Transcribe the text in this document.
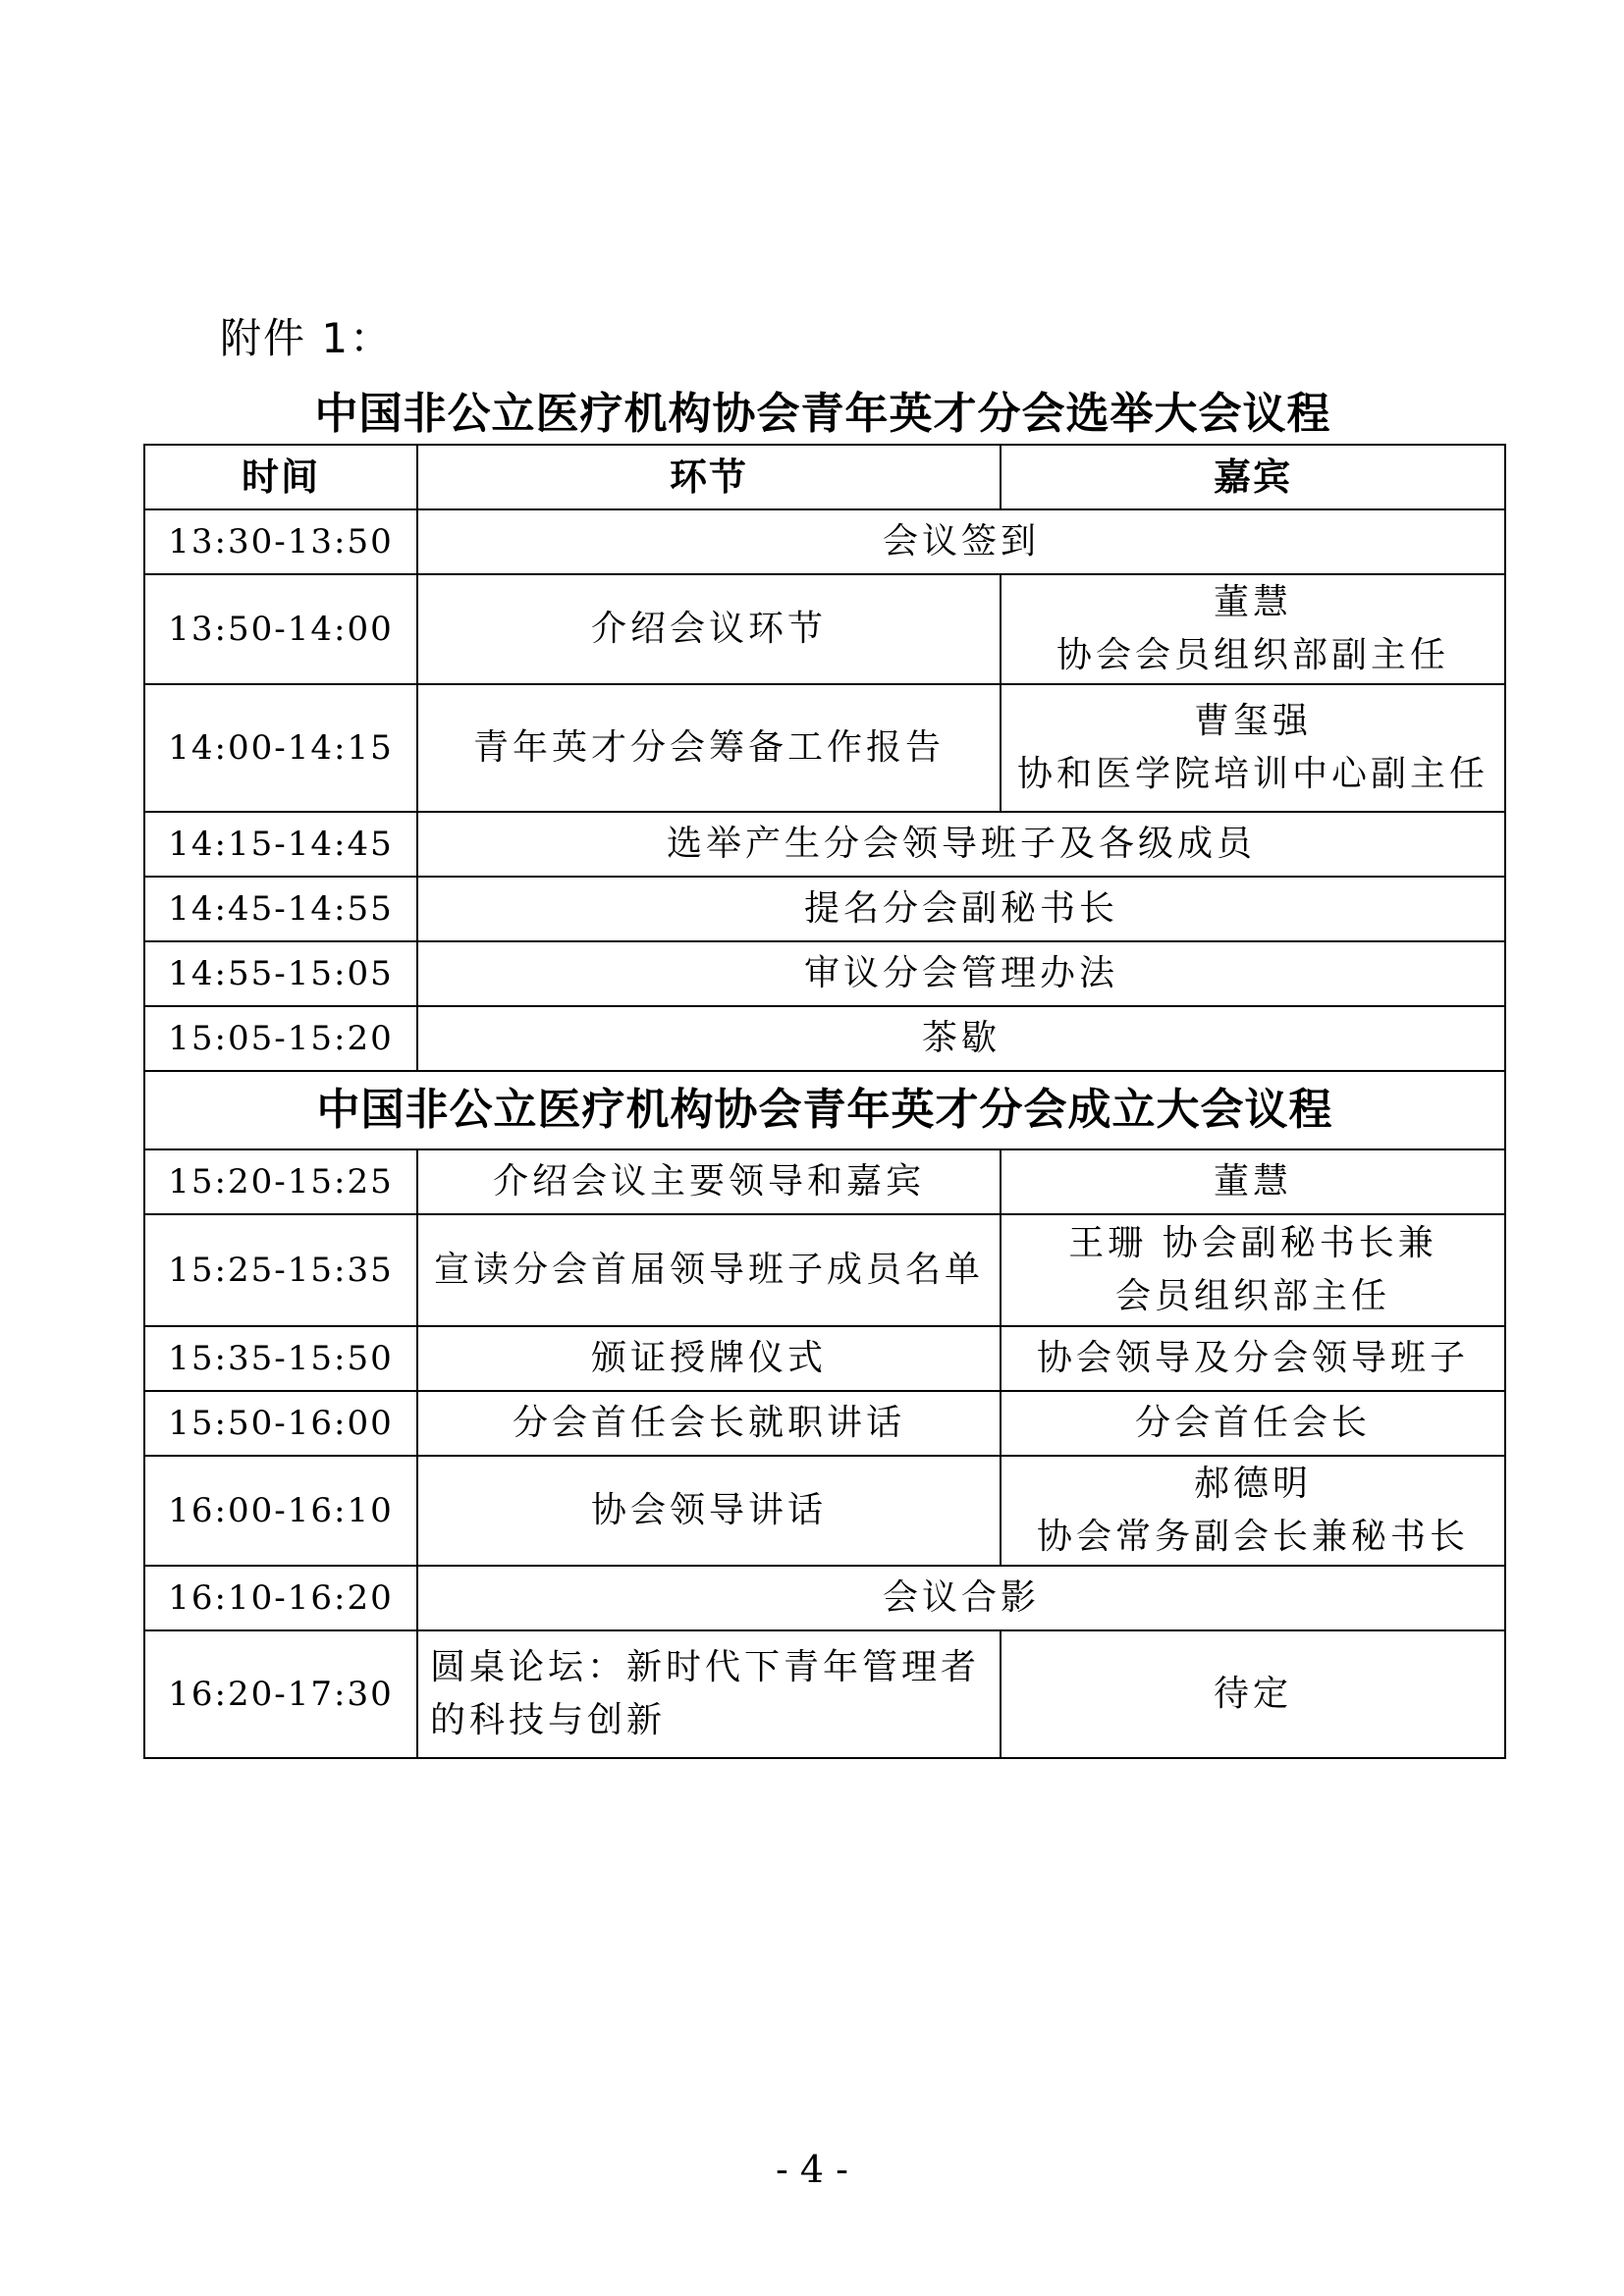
附件 1：
中国非公立医疗机构协会青年英才分会选举大会议程
时间	环节	嘉宾
13:30-13:50	会议签到	
13:50-14:00	介绍会议环节	董慧
协会会员组织部副主任

14:00-14:15	青年英才分会筹备工作报告	曹玺强
协和医学院培训中心副主任

14:15-14:45	选举产生分会领导班子及各级成员	
14:45-14:55	提名分会副秘书长	
14:55-15:05	审议分会管理办法	
15:05-15:20	茶歇	
中国非公立医疗机构协会青年英才分会成立大会议程		
15:20-15:25	介绍会议主要领导和嘉宾	董慧
15:25-15:35	宣读分会首届领导班子成员名单	王珊 协会副秘书长兼
会员组织部主任

15:35-15:50	颁证授牌仪式	协会领导及分会领导班子
15:50-16:00	分会首任会长就职讲话	分会首任会长
16:00-16:10	协会领导讲话	郝德明
协会常务副会长兼秘书长

16:10-16:20	会议合影	
16:20-17:30	圆桌论坛：新时代下青年管理者
的科技与创新	待定
- 4 -
